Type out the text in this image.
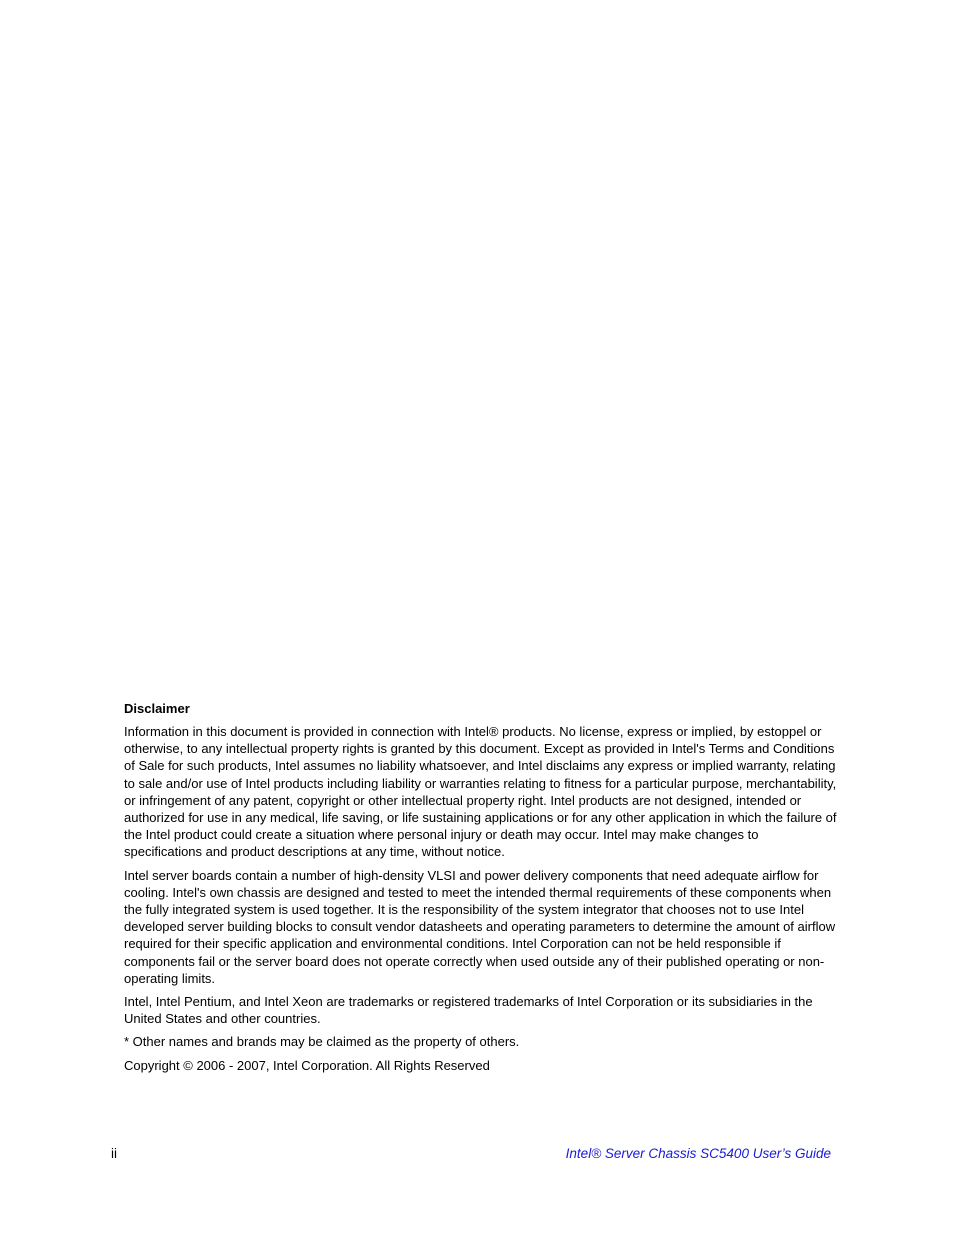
Disclaimer

Information in this document is provided in connection with Intel® products. No license, express or implied, by estoppel or otherwise, to any intellectual property rights is granted by this document. Except as provided in Intel's Terms and Conditions of Sale for such products, Intel assumes no liability whatsoever, and Intel disclaims any express or implied warranty, relating to sale and/or use of Intel products including liability or warranties relating to fitness for a particular purpose, merchantability, or infringement of any patent, copyright or other intellectual property right. Intel products are not designed, intended or authorized for use in any medical, life saving, or life sustaining applications or for any other application in which the failure of the Intel product could create a situation where personal injury or death may occur. Intel may make changes to specifications and product descriptions at any time, without notice.

Intel server boards contain a number of high-density VLSI and power delivery components that need adequate airflow for cooling. Intel's own chassis are designed and tested to meet the intended thermal requirements of these components when the fully integrated system is used together. It is the responsibility of the system integrator that chooses not to use Intel developed server building blocks to consult vendor datasheets and operating parameters to determine the amount of airflow required for their specific application and environmental conditions. Intel Corporation can not be held responsible if components fail or the server board does not operate correctly when used outside any of their published operating or non-operating limits.

Intel, Intel Pentium, and Intel Xeon are trademarks or registered trademarks of Intel Corporation or its subsidiaries in the United States and other countries.

* Other names and brands may be claimed as the property of others.

Copyright © 2006 - 2007, Intel Corporation. All Rights Reserved

ii	Intel® Server Chassis SC5400 User’s Guide
